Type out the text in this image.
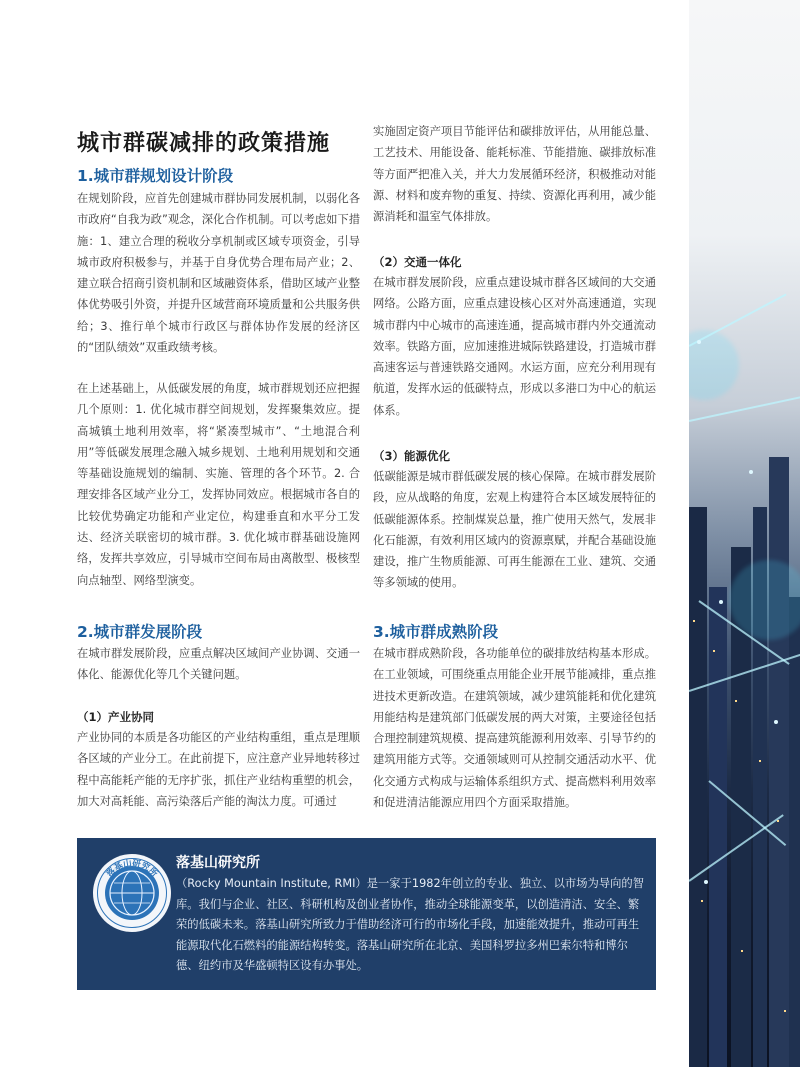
城市群碳减排的政策措施
1.城市群规划设计阶段

在规划阶段，应首先创建城市群协同发展机制，以弱化各市政府“自我为政”观念，深化合作机制。可以考虑如下措施：1、建立合理的税收分享机制或区域专项资金，引导城市政府积极参与，并基于自身优势合理布局产业；2、建立联合招商引资机制和区域融资体系，借助区域产业整体优势吸引外资，并提升区域营商环境质量和公共服务供给；3、推行单个城市行政区与群体协作发展的经济区的“团队绩效”双重政绩考核。

在上述基础上，从低碳发展的角度，城市群规划还应把握几个原则：1. 优化城市群空间规划，发挥聚集效应。提高城镇土地利用效率，将“紧凑型城市”、“土地混合利用”等低碳发展理念融入城乡规划、土地利用规划和交通等基础设施规划的编制、实施、管理的各个环节。2. 合理安排各区域产业分工，发挥协同效应。根据城市各自的比较优势确定功能和产业定位，构建垂直和水平分工发达、经济关联密切的城市群。3. 优化城市群基础设施网络，发挥共享效应，引导城市空间布局由离散型、极核型向点轴型、网络型演变。

2.城市群发展阶段

在城市群发展阶段，应重点解决区域间产业协调、交通一体化、能源优化等几个关键问题。

（1）产业协同

产业协同的本质是各功能区的产业结构重组，重点是理顺各区域的产业分工。在此前提下，应注意产业异地转移过程中高能耗产能的无序扩张，抓住产业结构重塑的机会，加大对高耗能、高污染落后产能的淘汰力度。可通过

实施固定资产项目节能评估和碳排放评估，从用能总量、工艺技术、用能设备、能耗标准、节能措施、碳排放标准等方面严把准入关，并大力发展循环经济，积极推动对能源、材料和废弃物的重复、持续、资源化再利用，减少能源消耗和温室气体排放。

（2）交通一体化

在城市群发展阶段，应重点建设城市群各区域间的大交通网络。公路方面，应重点建设核心区对外高速通道，实现城市群内中心城市的高速连通，提高城市群内外交通流动效率。铁路方面，应加速推进城际铁路建设，打造城市群高速客运与普速铁路交通网。水运方面，应充分利用现有航道，发挥水运的低碳特点，形成以多港口为中心的航运体系。

（3）能源优化

低碳能源是城市群低碳发展的核心保障。在城市群发展阶段，应从战略的角度，宏观上构建符合本区域发展特征的低碳能源体系。控制煤炭总量，推广使用天然气，发展非化石能源，有效利用区域内的资源禀赋，并配合基础设施建设，推广生物质能源、可再生能源在工业、建筑、交通等多领域的使用。

3.城市群成熟阶段

在城市群成熟阶段，各功能单位的碳排放结构基本形成。在工业领域，可围绕重点用能企业开展节能减排，重点推进技术更新改造。在建筑领域，减少建筑能耗和优化建筑用能结构是建筑部门低碳发展的两大对策，主要途径包括合理控制建筑规模、提高建筑能源利用效率、引导节约的建筑用能方式等。交通领域则可从控制交通活动水平、优化交通方式构成与运输体系组织方式、提高燃料利用效率和促进清洁能源应用四个方面采取措施。

落基山研究所
落基山研究所

（Rocky Mountain Institute, RMI）是一家于1982年创立的专业、独立、以市场为导向的智库。我们与企业、社区、科研机构及创业者协作，推动全球能源变革，以创造清洁、安全、繁荣的低碳未来。落基山研究所致力于借助经济可行的市场化手段，加速能效提升，推动可再生能源取代化石燃料的能源结构转变。落基山研究所在北京、美国科罗拉多州巴索尔特和博尔德、纽约市及华盛顿特区设有办事处。
